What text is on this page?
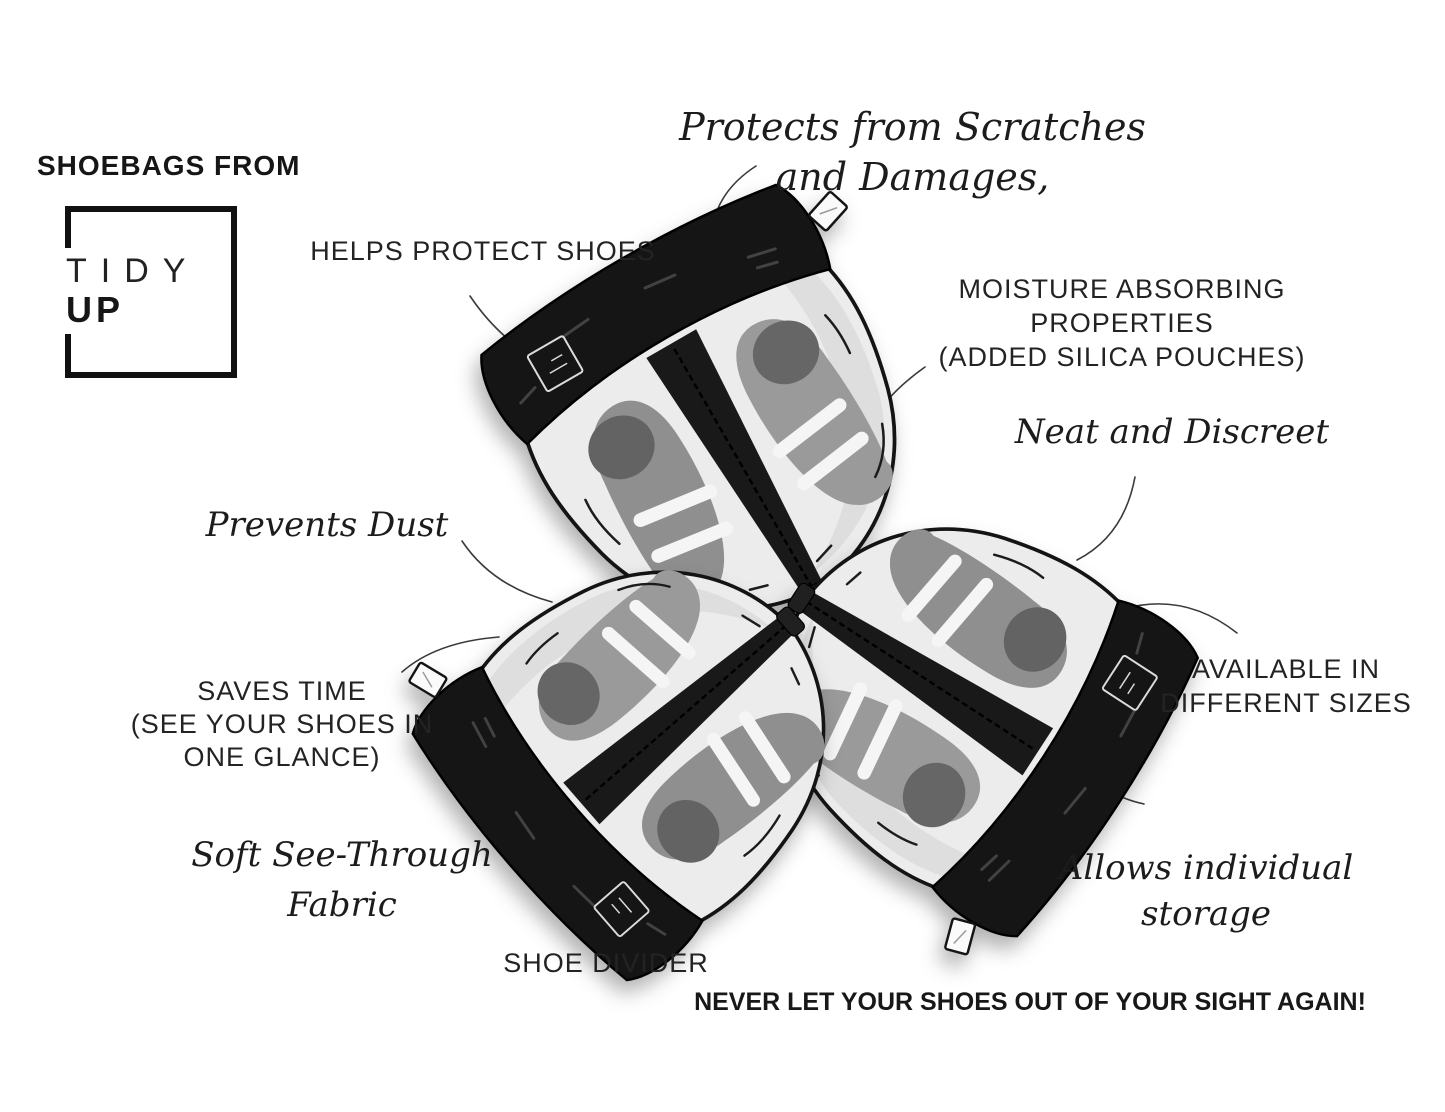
SHOEBAGS FROM
TIDY
UP
Protects from Scratches
and Damages,
HELPS PROTECT SHOES
MOISTURE ABSORBING
PROPERTIES
(ADDED SILICA POUCHES)
Neat and Discreet
Prevents Dust
AVAILABLE IN
DIFFERENT SIZES
SAVES TIME
(SEE YOUR SHOES IN
ONE GLANCE)
Soft See-Through
Fabric
Allows individual
storage
SHOE DIVIDER
NEVER LET YOUR SHOES OUT OF YOUR SIGHT AGAIN!
